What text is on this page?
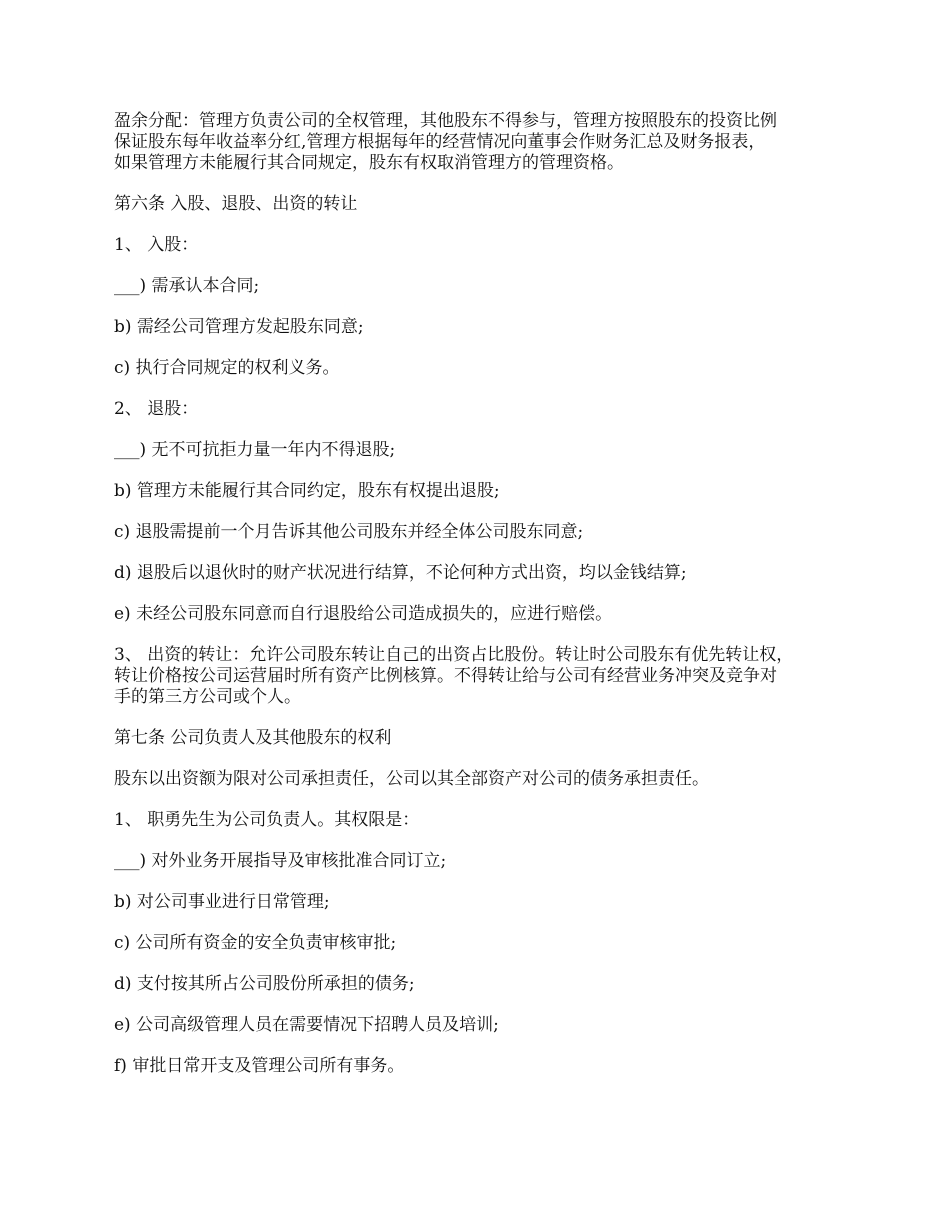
盈余分配：管理方负责公司的全权管理，其他股东不得参与，管理方按照股东的投资比例
保证股东每年收益率分红,管理方根据每年的经营情况向董事会作财务汇总及财务报表，
如果管理方未能履行其合同规定，股东有权取消管理方的管理资格。

第六条 入股、退股、出资的转让

1、 入股：

___) 需承认本合同;

b) 需经公司管理方发起股东同意;

c) 执行合同规定的权利义务。

2、 退股：

___) 无不可抗拒力量一年内不得退股;

b) 管理方未能履行其合同约定，股东有权提出退股;

c) 退股需提前一个月告诉其他公司股东并经全体公司股东同意;

d) 退股后以退伙时的财产状况进行结算，不论何种方式出资，均以金钱结算;

e) 未经公司股东同意而自行退股给公司造成损失的，应进行赔偿。

3、 出资的转让：允许公司股东转让自己的出资占比股份。转让时公司股东有优先转让权，
转让价格按公司运营届时所有资产比例核算。不得转让给与公司有经营业务冲突及竞争对
手的第三方公司或个人。

第七条 公司负责人及其他股东的权利

股东以出资额为限对公司承担责任，公司以其全部资产对公司的债务承担责任。

1、 职勇先生为公司负责人。其权限是：

___) 对外业务开展指导及审核批准合同订立;

b) 对公司事业进行日常管理;

c) 公司所有资金的安全负责审核审批;

d) 支付按其所占公司股份所承担的债务;

e) 公司高级管理人员在需要情况下招聘人员及培训;

f) 审批日常开支及管理公司所有事务。
